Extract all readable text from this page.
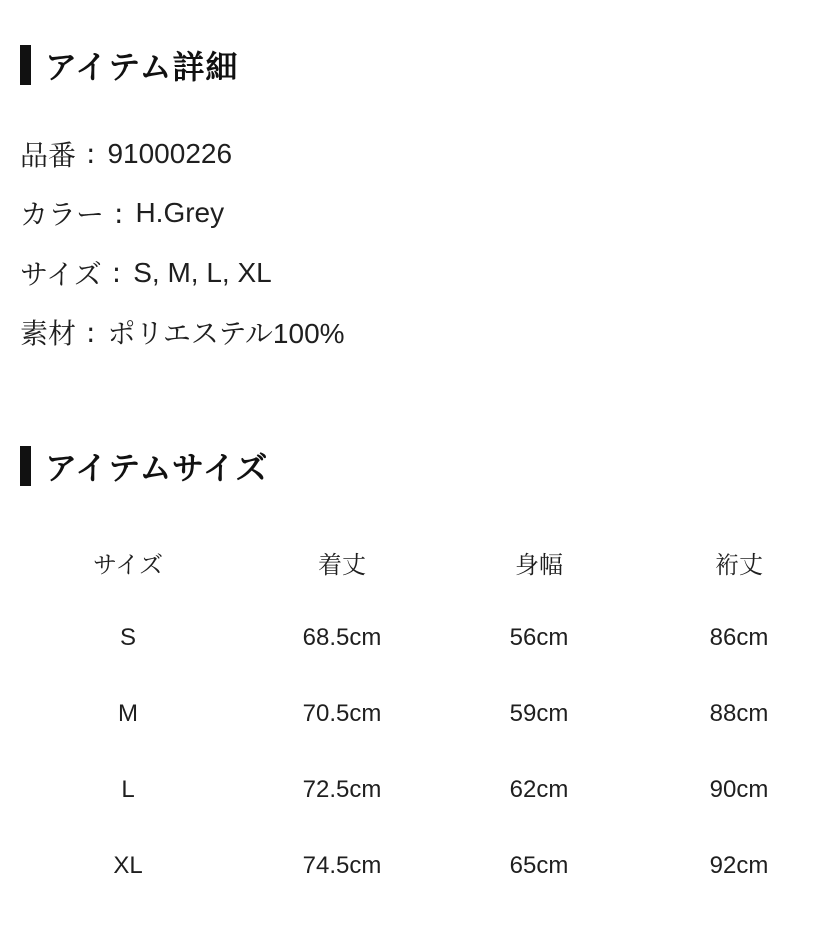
アイテム詳細
品番 : 91000226
カラー : H.Grey
サイズ : S, M, L, XL
素材 : ポリエステル100%
アイテムサイズ
サイズ	着丈	身幅	裄丈
S	68.5cm	56cm	86cm
M	70.5cm	59cm	88cm
L	72.5cm	62cm	90cm
XL	74.5cm	65cm	92cm
